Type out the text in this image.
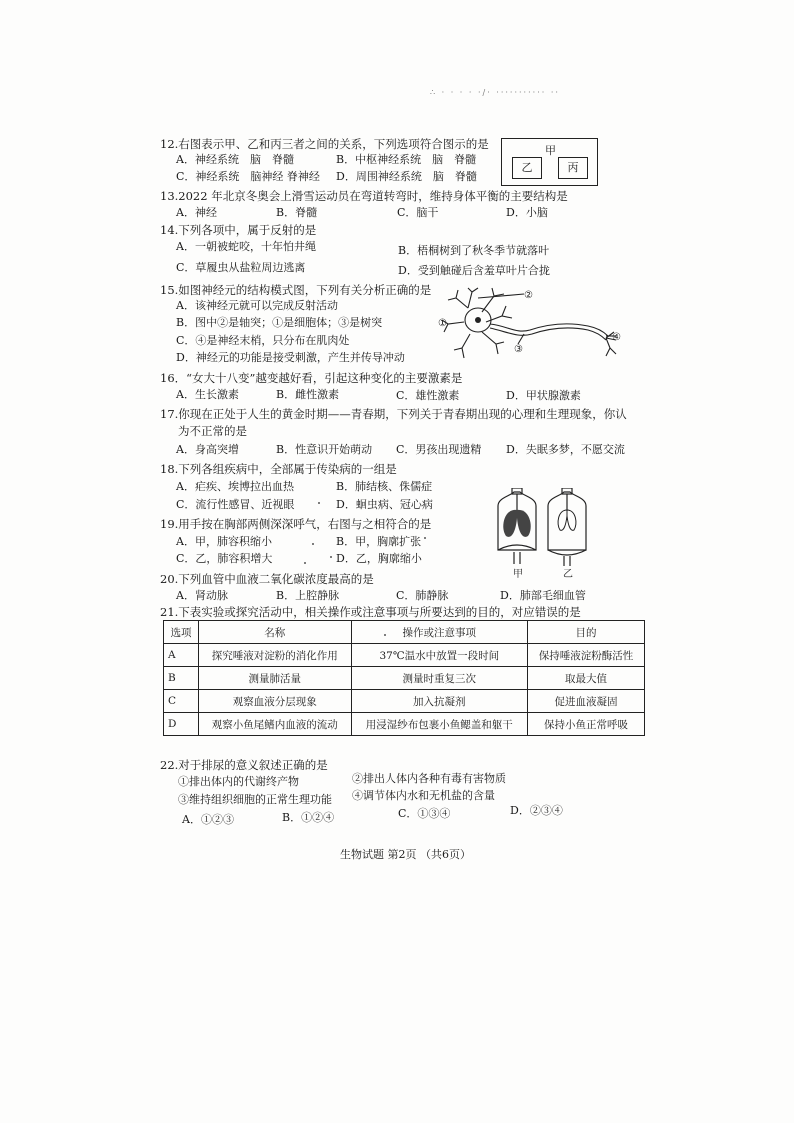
∴ · · · · ·/· ··········· ··
12.右图表示甲、乙和丙三者之间的关系，下列选项符合图示的是
A．神经系统　脑　脊髓	B．中枢神经系统　脑　脊髓
C．神经系统　脑神经 脊神经 D．周围神经系统　脑　脊髓
甲
乙	丙
13.2022 年北京冬奥会上滑雪运动员在弯道转弯时，维持身体平衡的主要结构是
A．神经	B．脊髓	C．脑干	D．小脑
14.下列各项中，属于反射的是
A．一朝被蛇咬，十年怕井绳	B．梧桐树到了秋冬季节就落叶
C．草履虫从盐粒周边逃离	D．受到触碰后含羞草叶片合拢
15.如图神经元的结构模式图，下列有关分析正确的是
A．该神经元就可以完成反射活动
B．图中②是轴突；①是细胞体；③是树突
C．④是神经末梢，只分布在肌肉处
D．神经元的功能是接受刺激，产生并传导冲动
②
①
③
④
16．“女大十八变”越变越好看，引起这种变化的主要激素是
A．生长激素	B．雌性激素	C．雄性激素	D．甲状腺激素
17.你现在正处于人生的黄金时期——青春期，下列关于青春期出现的心理和生理现象，你认
为不正常的是
A．身高突增	B．性意识开始萌动 C．男孩出现遗精 D．失眠多梦，不愿交流
18.下列各组疾病中，全部属于传染病的一组是
A．疟疾、埃博拉出血热	B．肺结核、侏儒症
C．流行性感冒、近视眼	D．蛔虫病、冠心病
19.用手按在胸部两侧深深呼气，右图与之相符合的是
A．甲，肺容积缩小	B．甲，胸廓扩张
C．乙，肺容积增大	D．乙，胸廓缩小
甲	乙
20.下列血管中血液二氧化碳浓度最高的是
A．肾动脉	B．上腔静脉	C．肺静脉	D．肺部毛细血管
21.下表实验或探究活动中，相关操作或注意事项与所要达到的目的，对应错误的是
选项	名称	操作或注意事项	目的
A	探究唾液对淀粉的消化作用	37℃温水中放置一段时间	保持唾液淀粉酶活性
B	测量肺活量	测量时重复三次	取最大值
C	观察血液分层现象	加入抗凝剂	促进血液凝固
D	观察小鱼尾鳍内血液的流动	用浸湿纱布包裹小鱼鳃盖和躯干	保持小鱼正常呼吸
22.对于排尿的意义叙述正确的是
①排出体内的代谢终产物	②排出人体内各种有毒有害物质
③维持组织细胞的正常生理功能 ④调节体内水和无机盐的含量
A．①②③	B．①②④	C．①③④	D．②③④
生物试题 第2页 （共6页）
